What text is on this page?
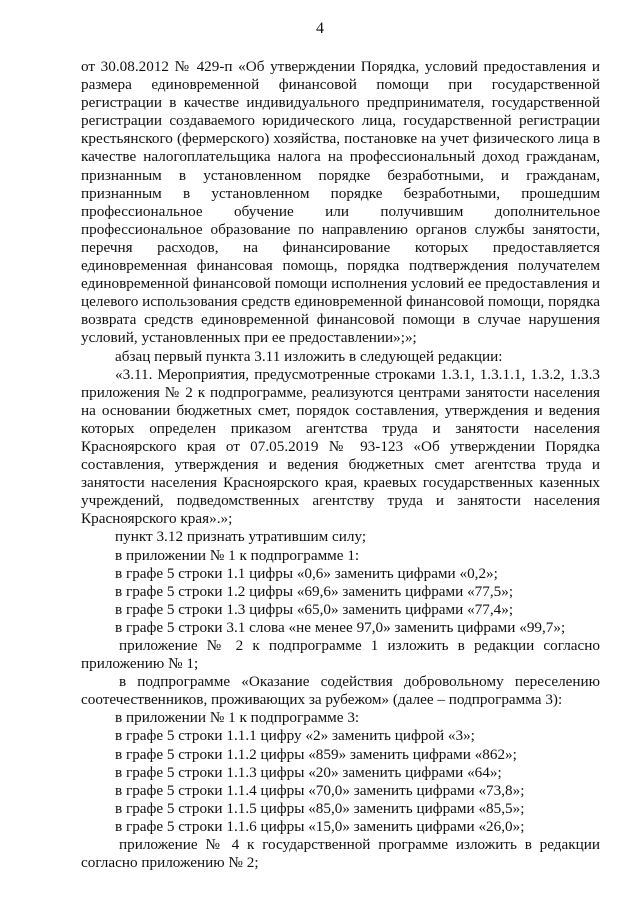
4

от 30.08.2012 № 429-п «Об утверждении Порядка, условий предоставления и размера единовременной финансовой помощи при государственной регистрации в качестве индивидуального предпринимателя, государственной регистрации создаваемого юридического лица, государственной регистрации крестьянского (фермерского) хозяйства, постановке на учет физического лица в качестве налогоплательщика налога на профессиональный доход гражданам, признанным в установленном порядке безработными, и гражданам, признанным в установленном порядке безработными, прошедшим профессиональное обучение или получившим дополнительное профессиональное образование по направлению органов службы занятости, перечня расходов, на финансирование которых предоставляется единовременная финансовая помощь, порядка подтверждения получателем единовременной финансовой помощи исполнения условий ее предоставления и целевого использования средств единовременной финансовой помощи, порядка возврата средств единовременной финансовой помощи в случае нарушения условий, установленных при ее предоставлении»;»;

абзац первый пункта 3.11 изложить в следующей редакции:

«3.11. Мероприятия, предусмотренные строками 1.3.1, 1.3.1.1, 1.3.2, 1.3.3 приложения № 2 к подпрограмме, реализуются центрами занятости населения на основании бюджетных смет, порядок составления, утверждения и ведения которых определен приказом агентства труда и занятости населения Красноярского края от 07.05.2019 № 93-123 «Об утверждении Порядка составления, утверждения и ведения бюджетных смет агентства труда и занятости населения Красноярского края, краевых государственных казенных учреждений, подведомственных агентству труда и занятости населения Красноярского края».»;

пункт 3.12 признать утратившим силу;

в приложении № 1 к подпрограмме 1:

в графе 5 строки 1.1 цифры «0,6» заменить цифрами «0,2»;

в графе 5 строки 1.2 цифры «69,6» заменить цифрами «77,5»;

в графе 5 строки 1.3 цифры «65,0» заменить цифрами «77,4»;

в графе 5 строки 3.1 слова «не менее 97,0» заменить цифрами «99,7»;

приложение № 2 к подпрограмме 1 изложить в редакции согласно приложению № 1;

в подпрограмме «Оказание содействия добровольному переселению соотечественников, проживающих за рубежом» (далее – подпрограмма 3):

в приложении № 1 к подпрограмме 3:

в графе 5 строки 1.1.1 цифру «2» заменить цифрой «3»;

в графе 5 строки 1.1.2 цифры «859» заменить цифрами «862»;

в графе 5 строки 1.1.3 цифры «20» заменить цифрами «64»;

в графе 5 строки 1.1.4 цифры «70,0» заменить цифрами «73,8»;

в графе 5 строки 1.1.5 цифры «85,0» заменить цифрами «85,5»;

в графе 5 строки 1.1.6 цифры «15,0» заменить цифрами «26,0»;

приложение № 4 к государственной программе изложить в редакции согласно приложению № 2;
